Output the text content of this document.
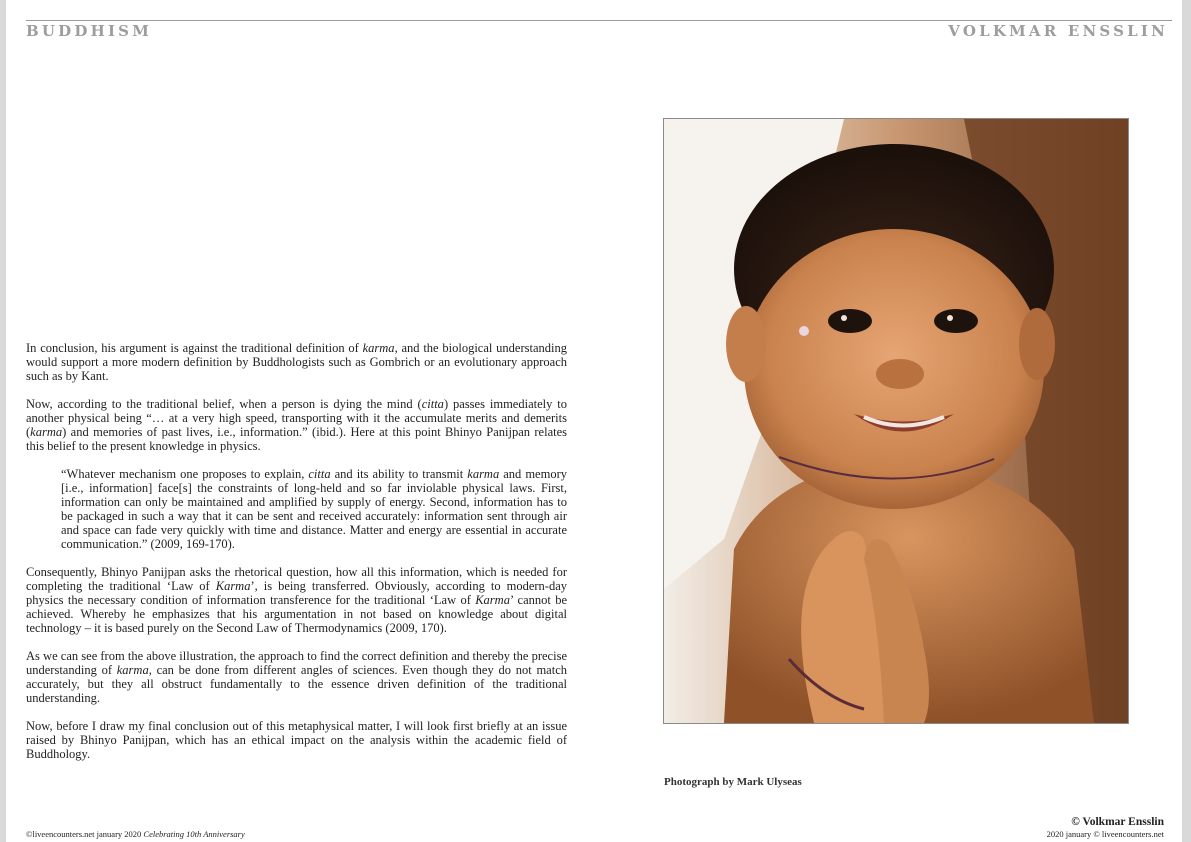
BUDDHISM	VOLKMAR ENSSLIN

In conclusion, his argument is against the traditional definition of karma, and the biological understanding would support a more modern definition by Buddhologists such as Gombrich or an evolutionary approach such as by Kant.

Now, according to the traditional belief, when a person is dying the mind (citta) passes immediately to another physical being “… at a very high speed, transporting with it the accumulate merits and demerits (karma) and memories of past lives, i.e., information.” (ibid.). Here at this point Bhinyo Panijpan relates this belief to the present knowledge in physics.

“Whatever mechanism one proposes to explain, citta and its ability to transmit karma and memory [i.e., information] face[s] the constraints of long-held and so far inviolable physical laws. First, information can only be maintained and amplified by supply of energy. Second, information has to be packaged in such a way that it can be sent and received accurately: information sent through air and space can fade very quickly with time and distance. Matter and energy are essential in accurate communication.” (2009, 169-170).

Consequently, Bhinyo Panijpan asks the rhetorical question, how all this information, which is needed for completing the traditional ‘Law of Karma’, is being transferred. Obviously, according to modern-day physics the necessary condition of information transference for the traditional ‘Law of Karma’ cannot be achieved. Whereby he emphasizes that his argumentation in not based on knowledge about digital technology – it is based purely on the Second Law of Thermodynamics (2009, 170).

As we can see from the above illustration, the approach to find the correct definition and thereby the precise understanding of karma, can be done from different angles of sciences. Even though they do not match accurately, but they all obstruct fundamentally to the essence driven definition of the traditional understanding.

Now, before I draw my final conclusion out of this metaphysical matter, I will look first briefly at an issue raised by Bhinyo Panijpan, which has an ethical impact on the analysis within the academic field of Buddhology.

Photograph by Mark Ulyseas
©liveencounters.net january 2020 Celebrating 10th Anniversary
© Volkmar Ensslin
2020 january © liveencounters.net
